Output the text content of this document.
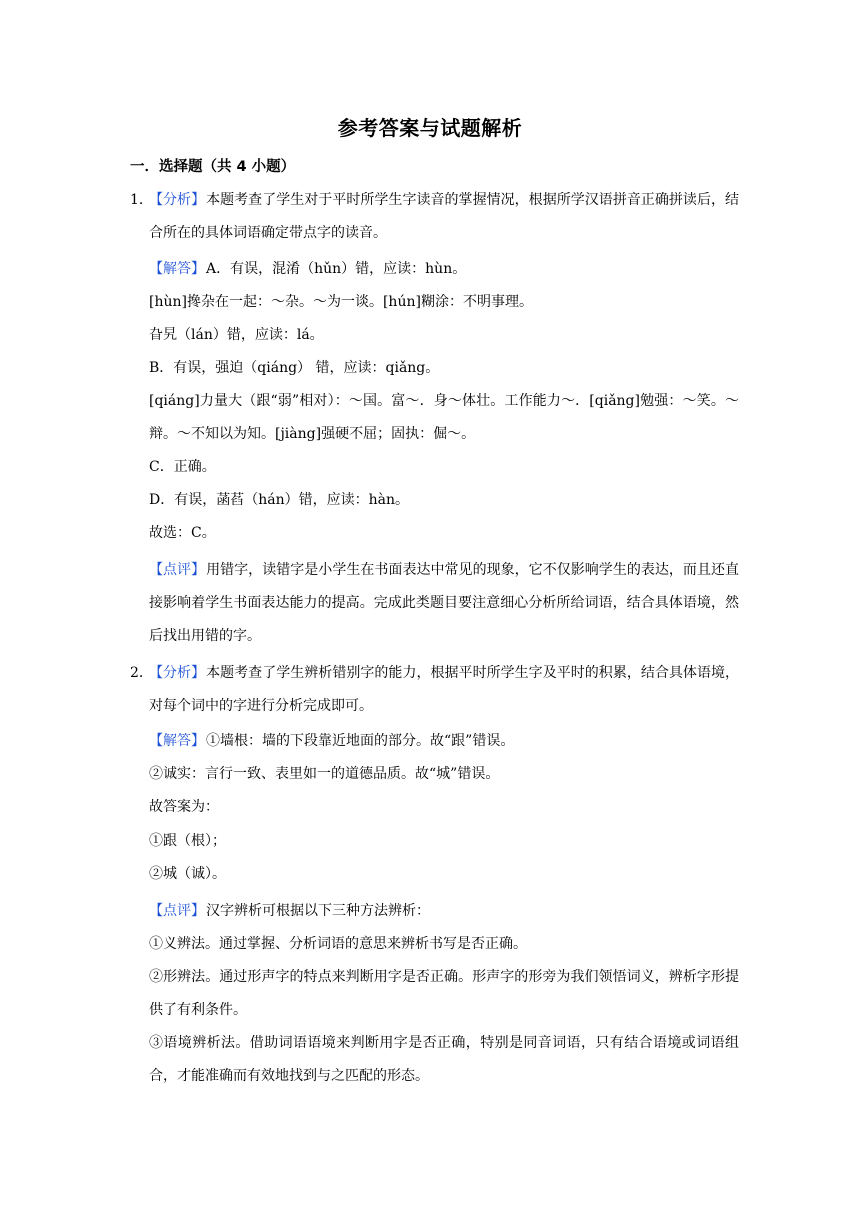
参考答案与试题解析
一．选择题（共 4 小题）
1．
【分析】本题考查了学生对于平时所学生字读音的掌握情况，根据所学汉语拼音正确拼读后，结合所在的具体词语确定带点字的读音。
【解答】A．有误，混淆（hǔn）错，应读：hùn。
[hùn]搀杂在一起：～杂。～为一谈。[hún]糊涂：不明事理。
旮旯（lán）错，应读：lá。
B．有误，强迫（qiáng） 错，应读：qiǎng。
[qiáng]力量大（跟“弱”相对）：～国。富～．身～体壮。工作能力～．[qiǎng]勉强：～笑。～辩。～不知以为知。[jiàng]强硬不屈；固执：倔～。
C．正确。
D．有误，菡萏（hán）错，应读：hàn。
故选：C。
【点评】用错字，读错字是小学生在书面表达中常见的现象，它不仅影响学生的表达，而且还直接影响着学生书面表达能力的提高。完成此类题目要注意细心分析所给词语，结合具体语境，然后找出用错的字。
2．
【分析】本题考查了学生辨析错别字的能力，根据平时所学生字及平时的积累，结合具体语境，对每个词中的字进行分析完成即可。
【解答】①墙根：墙的下段靠近地面的部分。故“跟”错误。
②诚实：言行一致、表里如一的道德品质。故“城”错误。
故答案为：
①跟（根）；
②城（诚）。
【点评】汉字辨析可根据以下三种方法辨析：
①义辨法。通过掌握、分析词语的意思来辨析书写是否正确。
②形辨法。通过形声字的特点来判断用字是否正确。形声字的形旁为我们领悟词义，辨析字形提供了有利条件。
③语境辨析法。借助词语语境来判断用字是否正确，特别是同音词语，只有结合语境或词语组合，才能准确而有效地找到与之匹配的形态。
